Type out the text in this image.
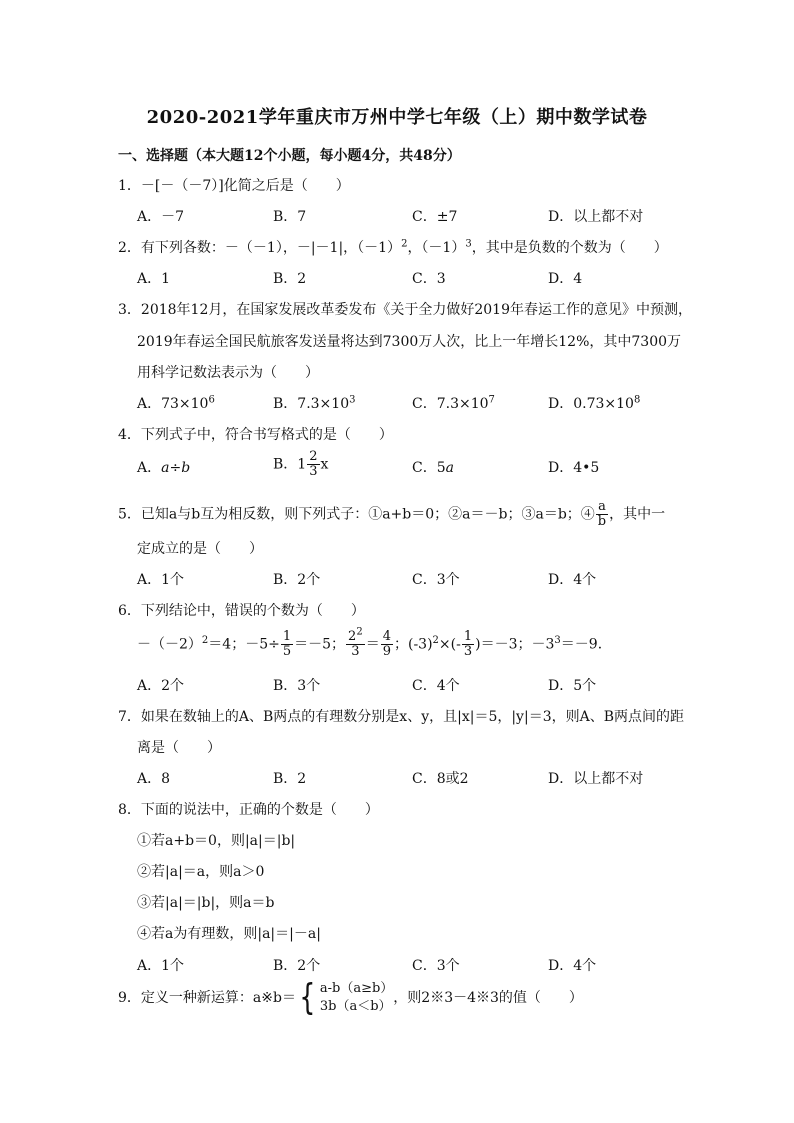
2020-2021学年重庆市万州中学七年级（上）期中数学试卷
一、选择题（本大题12个小题，每小题4分，共48分）
1．－[－（－7）]化简之后是（　　）
A．－7	B．7	C．±7	D．以上都不对
2．有下列各数：－（－1），－|－1|，$(-1)^2$，$(-1)^3$，其中是负数的个数为（　　）
A．1	B．2	C．3	D．4
3．2018年12月，在国家发展改革委发布《关于全力做好2019年春运工作的意见》中预测，
2019年春运全国民航旅客发送量将达到7300万人次，比上一年增长12%，其中7300万
用科学记数法表示为（　　）
A．$73\times 10^6$	B．$7.3\times 10^3$	C．$7.3\times 10^7$	D．$0.73\times 10^8$
4．下列式子中，符合书写格式的是（　　）
A．a÷b	B．$1 \frac{2}{3}$ x	C．5a	D．4•5
5．已知a与b互为相反数，则下列式子：①a+b＝0；②a＝－b；③a＝b；④ $\frac{a}{b}$ ，其中一
定成立的是（　　）
A．1个	B．2个	C．3个	D．4个
6．下列结论中，错误的个数为（　　）
$-(-2)^2=4$；$-5\div \frac{1}{5} =-5$； $\frac{2^2}{3} = \frac{4}{9}$ ；$(-3)^2\times(- \frac{1}{3} )=-3$；$-3^3=-9$．
A．2个	B．3个	C．4个	D．5个
7．如果在数轴上的A、B两点的有理数分别是x、y，且|x|＝5，|y|＝3，则A、B两点间的距
离是（　　）
A．8	B．2	C．8或2	D．以上都不对
8．下面的说法中，正确的个数是（　　）
①若a+b＝0，则|a|＝|b|
②若|a|＝a，则a＞0
③若|a|＝|b|，则a＝b
④若a为有理数，则|a|＝|－a|
A．1个	B．2个	C．3个	D．4个
9．定义一种新运算：a※b＝ { a-b（a≥b）
3b（a＜b）
，则2※3－4※3的值（　　）
